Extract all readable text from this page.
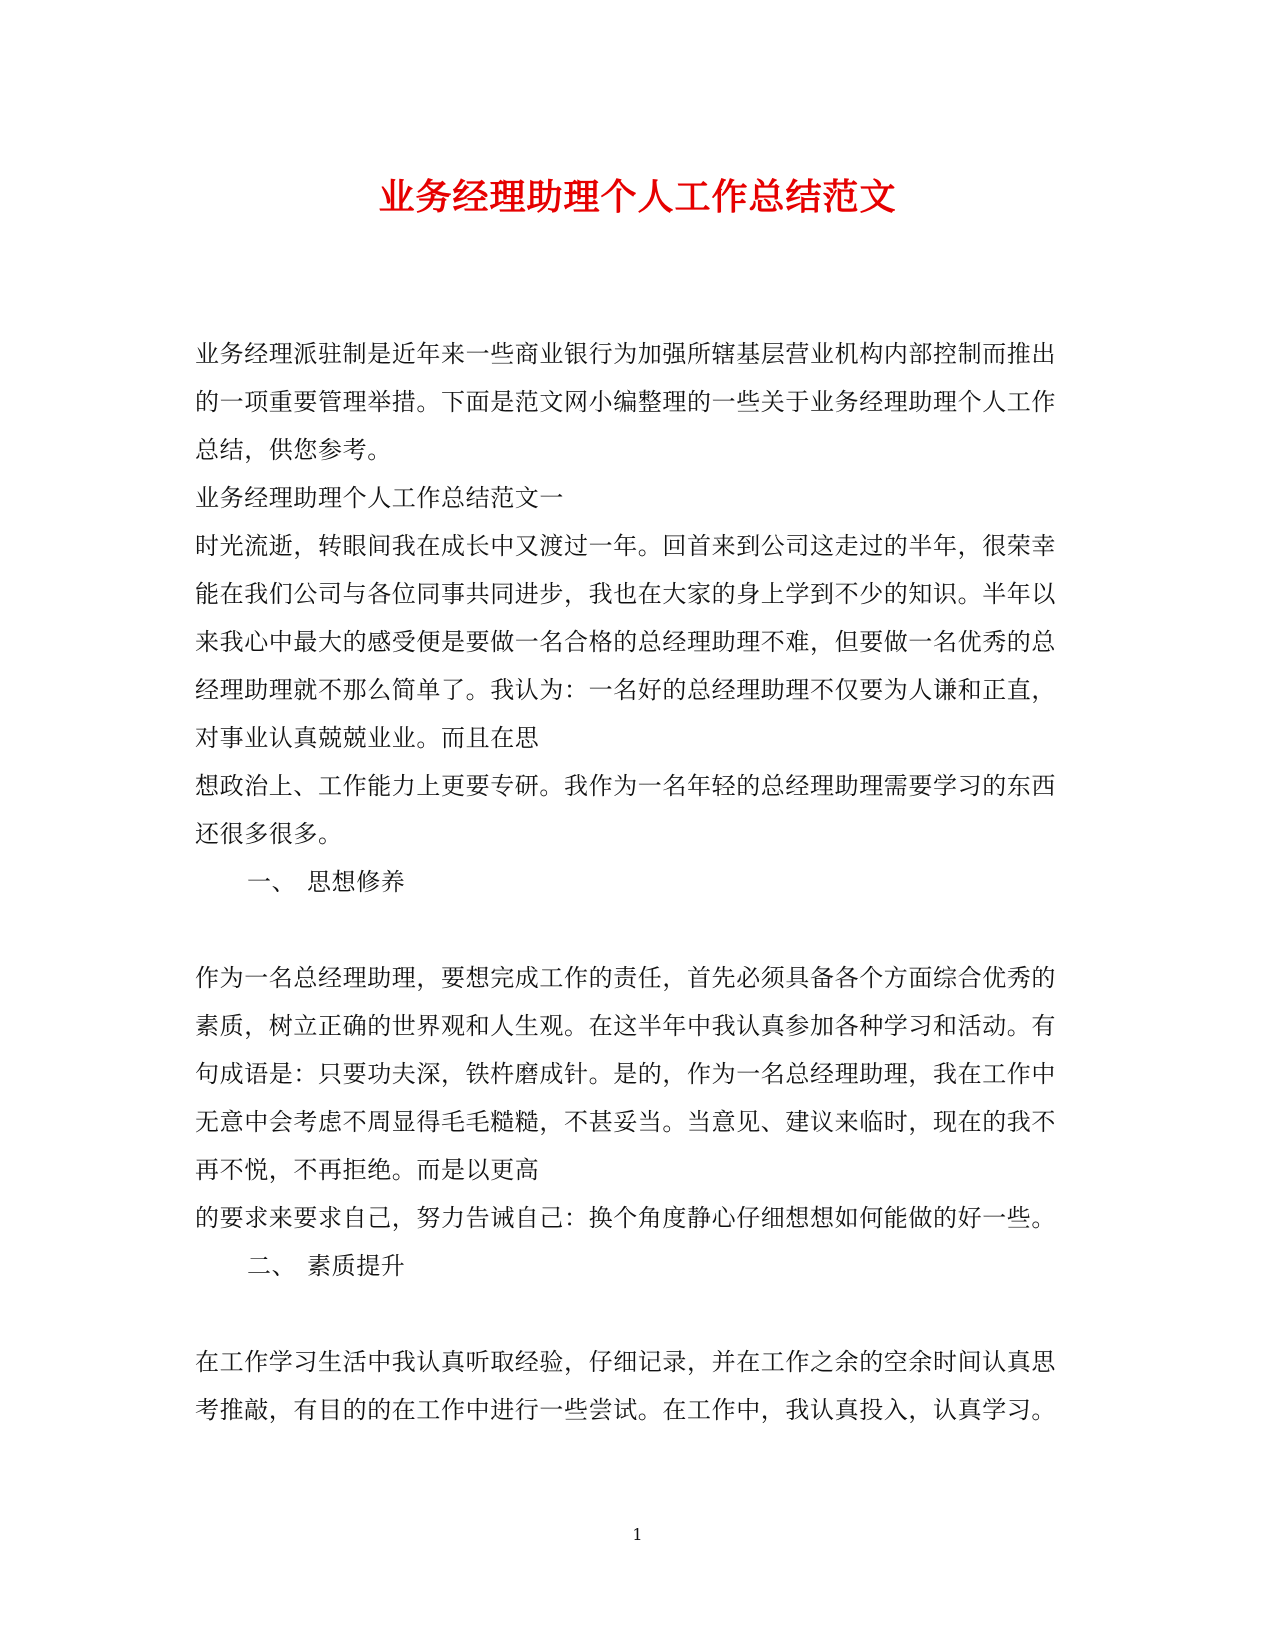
业务经理助理个人工作总结范文

业务经理派驻制是近年来一些商业银行为加强所辖基层营业机构内部控制而推出的一项重要管理举措。下面是范文网小编整理的一些关于业务经理助理个人工作总结，供您参考。

业务经理助理个人工作总结范文一

时光流逝，转眼间我在成长中又渡过一年。回首来到公司这走过的半年，很荣幸能在我们公司与各位同事共同进步，我也在大家的身上学到不少的知识。半年以来我心中最大的感受便是要做一名合格的总经理助理不难，但要做一名优秀的总经理助理就不那么简单了。我认为：一名好的总经理助理不仅要为人谦和正直，对事业认真兢兢业业。而且在思

想政治上、工作能力上更要专研。我作为一名年轻的总经理助理需要学习的东西还很多很多。

一、 思想修养

作为一名总经理助理，要想完成工作的责任，首先必须具备各个方面综合优秀的素质，树立正确的世界观和人生观。在这半年中我认真参加各种学习和活动。有句成语是：只要功夫深，铁杵磨成针。是的，作为一名总经理助理，我在工作中无意中会考虑不周显得毛毛糙糙，不甚妥当。当意见、建议来临时，现在的我不再不悦，不再拒绝。而是以更高

的要求来要求自己，努力告诫自己：换个角度静心仔细想想如何能做的好一些。

二、 素质提升

在工作学习生活中我认真听取经验，仔细记录，并在工作之余的空余时间认真思考推敲，有目的的在工作中进行一些尝试。在工作中，我认真投入，认真学习。

1
